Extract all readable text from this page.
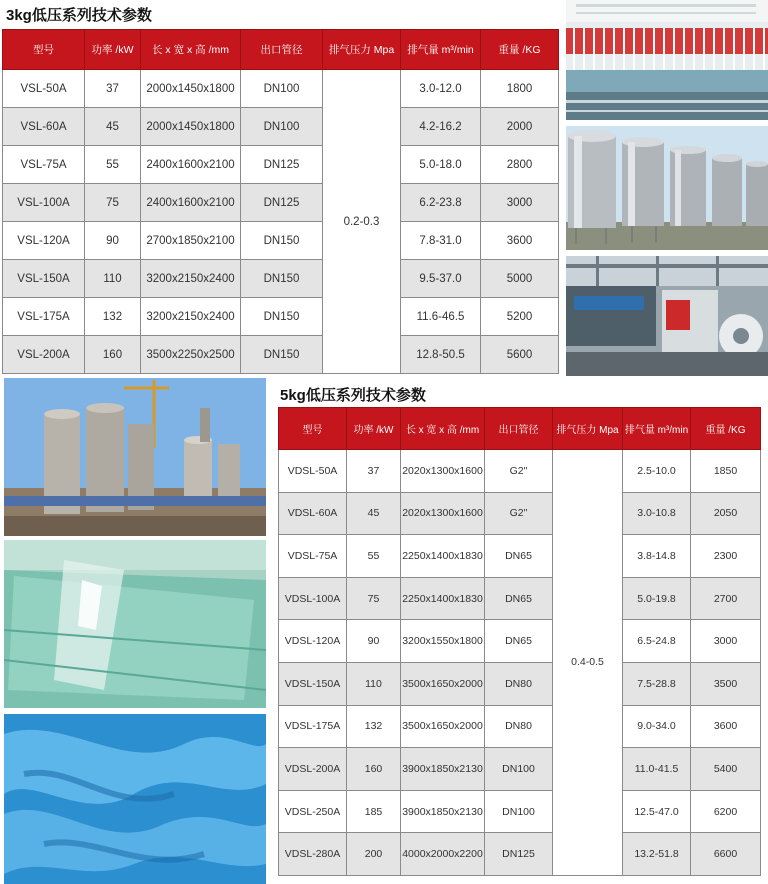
3kg低压系列技术参数
型号	功率 /kW	长 x 宽 x 高 /mm	出口管径	排气压力 Mpa	排气量 m³/min	重量 /KG
VSL-50A	37	2000x1450x1800	DN100	0.2-0.3	3.0-12.0	1800
VSL-60A	45	2000x1450x1800	DN100		4.2-16.2	2000
VSL-75A	55	2400x1600x2100	DN125		5.0-18.0	2800
VSL-100A	75	2400x1600x2100	DN125		6.2-23.8	3000
VSL-120A	90	2700x1850x2100	DN150		7.8-31.0	3600
VSL-150A	110	3200x2150x2400	DN150		9.5-37.0	5000
VSL-175A	132	3200x2150x2400	DN150		11.6-46.5	5200
VSL-200A	160	3500x2250x2500	DN150		12.8-50.5	5600
5kg低压系列技术参数
型号	功率 /kW	长 x 宽 x 高 /mm	出口管径	排气压力 Mpa	排气量 m³/min	重量 /KG
VDSL-50A	37	2020x1300x1600	G2"	0.4-0.5	2.5-10.0	1850
VDSL-60A	45	2020x1300x1600	G2"		3.0-10.8	2050
VDSL-75A	55	2250x1400x1830	DN65		3.8-14.8	2300
VDSL-100A	75	2250x1400x1830	DN65		5.0-19.8	2700
VDSL-120A	90	3200x1550x1800	DN65		6.5-24.8	3000
VDSL-150A	110	3500x1650x2000	DN80		7.5-28.8	3500
VDSL-175A	132	3500x1650x2000	DN80		9.0-34.0	3600
VDSL-200A	160	3900x1850x2130	DN100		11.0-41.5	5400
VDSL-250A	185	3900x1850x2130	DN100		12.5-47.0	6200
VDSL-280A	200	4000x2000x2200	DN125		13.2-51.8	6600
